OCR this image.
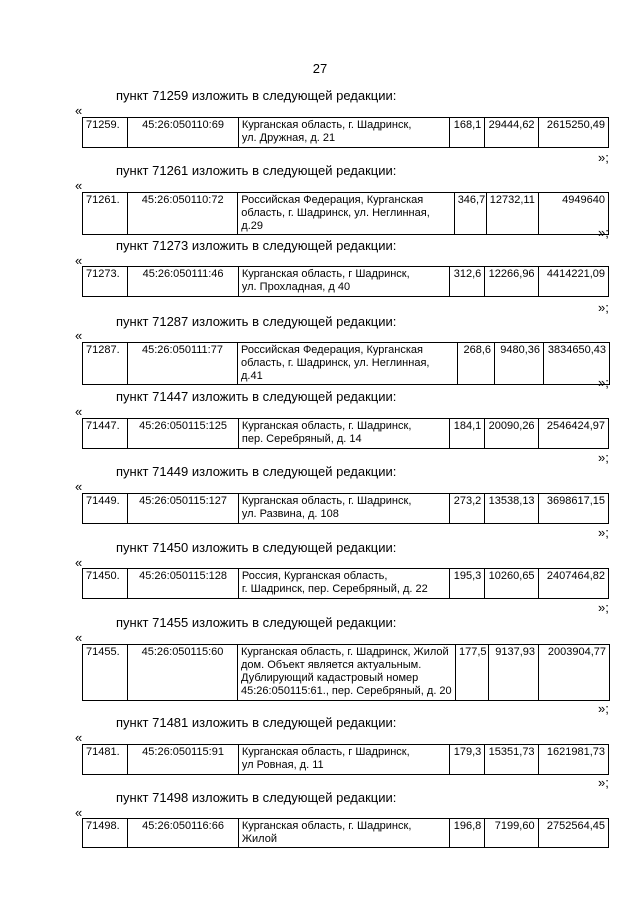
27
пункт 71259 изложить в следующей редакции:
«
71259.	45:26:050110:69	Курганская область, г. Шадринск,
ул. Дружная, д. 21
	168,1	29444,62	2615250,49
»;
пункт 71261 изложить в следующей редакции:
«
71261.	45:26:050110:72	Российская Федерация, Курганская
область, г. Шадринск, ул. Неглинная, д.29
	346,7	12732,11	4949640
»;
пункт 71273 изложить в следующей редакции:
«
71273.	45:26:050111:46	Курганская область, г Шадринск,
ул. Прохладная, д 40
	312,6	12266,96	4414221,09
»;
пункт 71287 изложить в следующей редакции:
«
71287.	45:26:050111:77	Российская Федерация, Курганская
область, г. Шадринск, ул. Неглинная, д.41
	268,6	9480,36	3834650,43
»;
пункт 71447 изложить в следующей редакции:
«
71447.	45:26:050115:125	Курганская область, г. Шадринск,
пер. Серебряный, д. 14
	184,1	20090,26	2546424,97
»;
пункт 71449 изложить в следующей редакции:
«
71449.	45:26:050115:127	Курганская область, г. Шадринск,
ул. Развина, д. 108
	273,2	13538,13	3698617,15
»;
пункт 71450 изложить в следующей редакции:
«
71450.	45:26:050115:128	Россия, Курганская область,
г. Шадринск, пер. Серебряный, д. 22
	195,3	10260,65	2407464,82
»;
пункт 71455 изложить в следующей редакции:
«
71455.	45:26:050115:60	Курганская область, г. Шадринск, Жилой
дом. Объект является актуальным.
Дублирующий кадастровый номер
45:26:050115:61., пер. Серебряный, д. 20
	177,5	9137,93	2003904,77
»;
пункт 71481 изложить в следующей редакции:
«
71481.	45:26:050115:91	Курганская область, г Шадринск,
ул Ровная, д. 11
	179,3	15351,73	1621981,73
»;
пункт 71498 изложить в следующей редакции:
«
71498.	45:26:050116:66	Курганская область, г. Шадринск, Жилой
	196,8	7199,60	2752564,45
